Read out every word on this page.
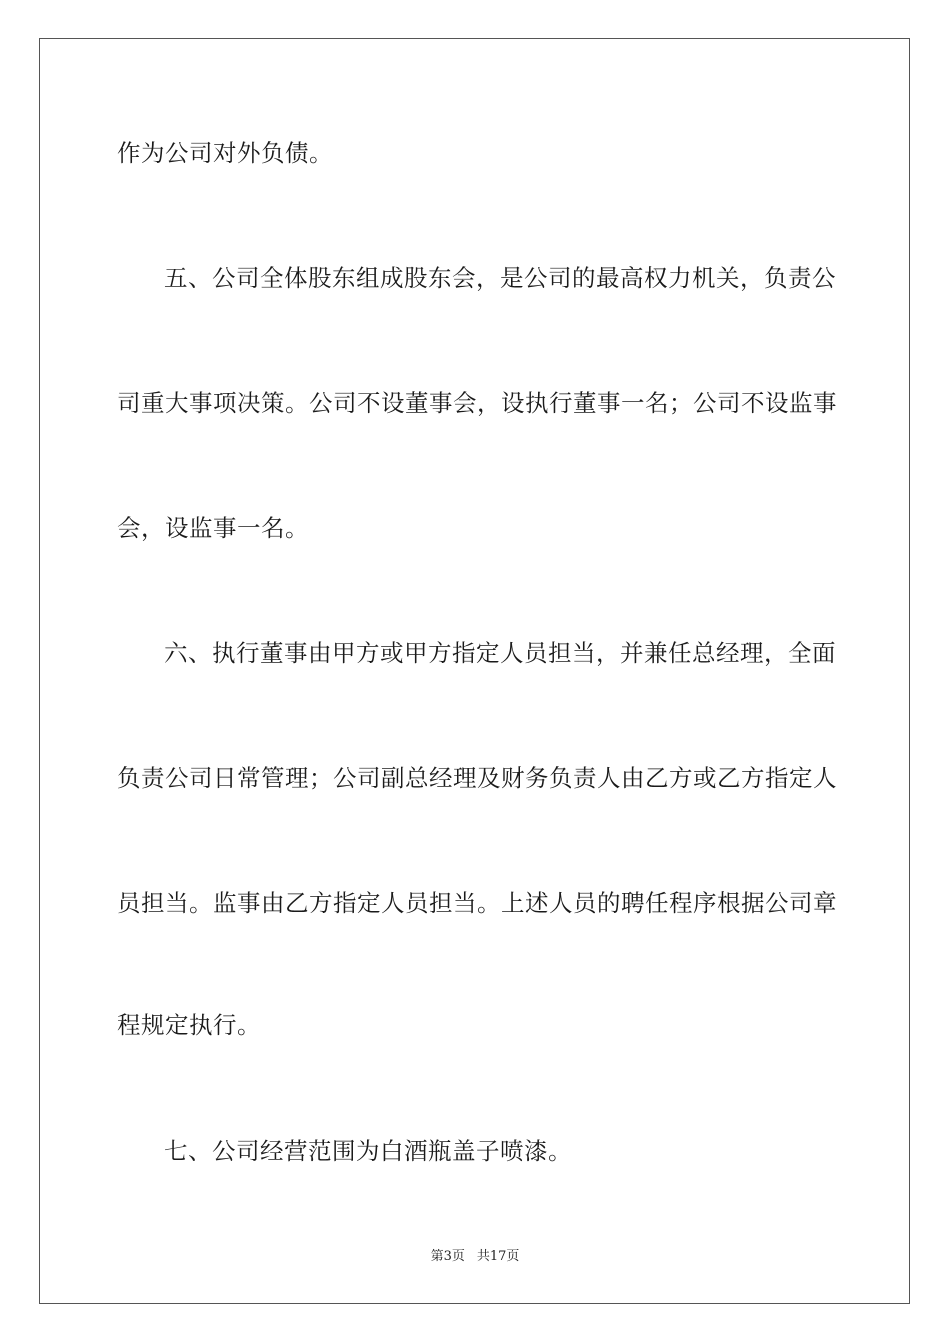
作为公司对外负债。
五、公司全体股东组成股东会，是公司的最高权力机关，负责公
司重大事项决策。公司不设董事会，设执行董事一名；公司不设监事
会，设监事一名。
六、执行董事由甲方或甲方指定人员担当，并兼任总经理，全面
负责公司日常管理；公司副总经理及财务负责人由乙方或乙方指定人
员担当。监事由乙方指定人员担当。上述人员的聘任程序根据公司章
程规定执行。
七、公司经营范围为白酒瓶盖子喷漆。
第3页 共17页
